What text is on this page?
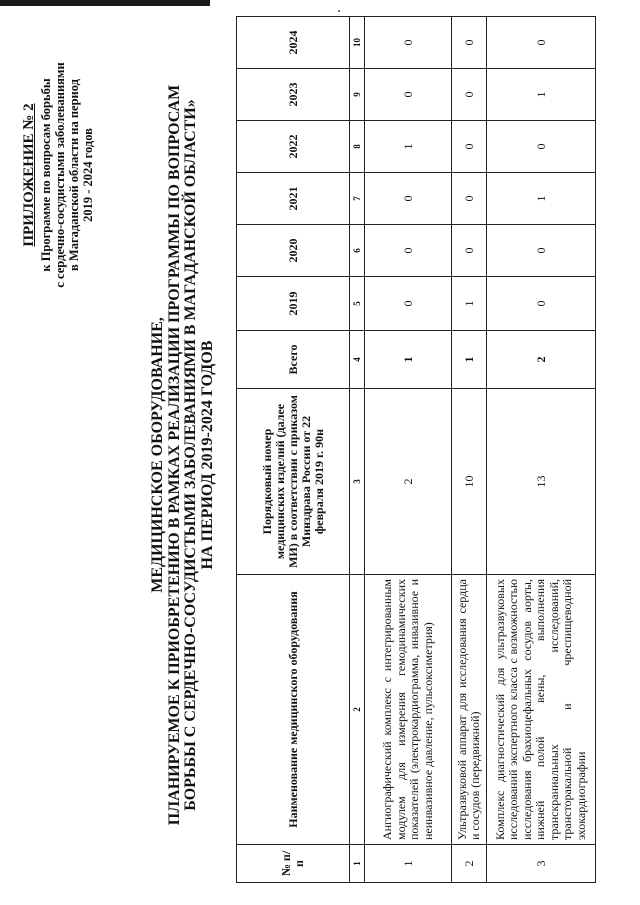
ПРИЛОЖЕНИЕ № 2 к Программе по вопросам борьбы с сердечно-сосудистыми заболеваниями в Магаданской области на период 2019 - 2024 годов
МЕДИЦИНСКОЕ ОБОРУДОВАНИЕ, ПЛАНИРУЕМОЕ К ПРИОБРЕТЕНИЮ В РАМКАХ РЕАЛИЗАЦИИ ПРОГРАММЫ ПО ВОПРОСАМ БОРЬБЫ С СЕРДЕЧНО-СОСУДИСТЫМИ ЗАБОЛЕВАНИЯМИ В МАГАДАНСКОЙ ОБЛАСТИ» НА ПЕРИОД 2019-2024 ГОДОВ
№ п/п	Наименование медицинского оборудования	Порядковый номер медицинских изделий (далее МИ) в соответствии с приказом Минздрава России от 22 февраля 2019 г. 90н	Всего	2019	2020	2021	2022	2023	2024
1	2	3	4	5	6	7	8	9	10
1	Ангиографический комплекс с интегрированным модулем для измерения гемодинамических показателей (электрокардиограмма, инвазивное и неинвазивное давление, пульсоксиметрия)	2	1	0	0	0	1	0	0
2	Ультразвуковой аппарат для исследования сердца и сосудов (передвижной)	10	1	1	0	0	0	0	0
3	Комплекс диагностический для ультразвуковых исследований экспертного класса с возможностью исследования брахиоцефальных сосудов аорты, нижней полой вены, выполнения транскраниальных исследований, трансторакальной и чреспищеводной эхокардиографии	13	2	0	0	1	0	1	0
